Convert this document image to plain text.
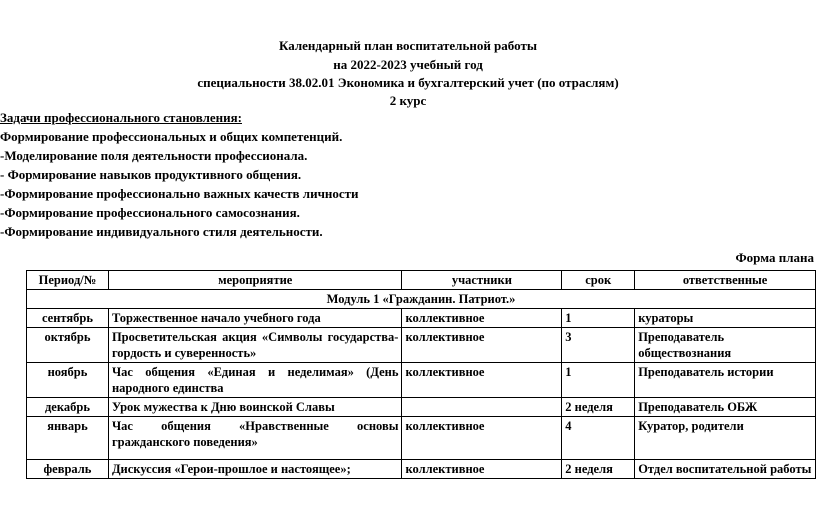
Календарный план воспитательной работы
на 2022-2023 учебный год
специальности 38.02.01 Экономика и бухгалтерский учет (по отраслям)
2 курс
Задачи профессионального становления:
Формирование профессиональных и общих компетенций.
-Моделирование поля деятельности профессионала.
- Формирование навыков продуктивного общения.
-Формирование профессионально важных качеств личности
-Формирование профессионального самосознания.
-Формирование индивидуального стиля деятельности.
Форма плана
Период/№	мероприятие	участники	срок	ответственные
Модуль 1 «Гражданин. Патриот.»				
сентябрь	Торжественное начало учебного года	коллективное	1	кураторы
октябрь	Просветительская акция «Символы государства-гордость и суверенность»	коллективное	3	Преподаватель обществознания
ноябрь	Час общения «Единая и неделимая» (День народного единства	коллективное	1	Преподаватель истории
декабрь	Урок мужества к Дню воинской Славы		2 неделя	Преподаватель ОБЖ
январь	Час общения «Нравственные основы гражданского поведения»	коллективное	4	Куратор, родители
февраль	Дискуссия «Герои-прошлое и настоящее»;	коллективное	2 неделя	Отдел воспитательной работы
